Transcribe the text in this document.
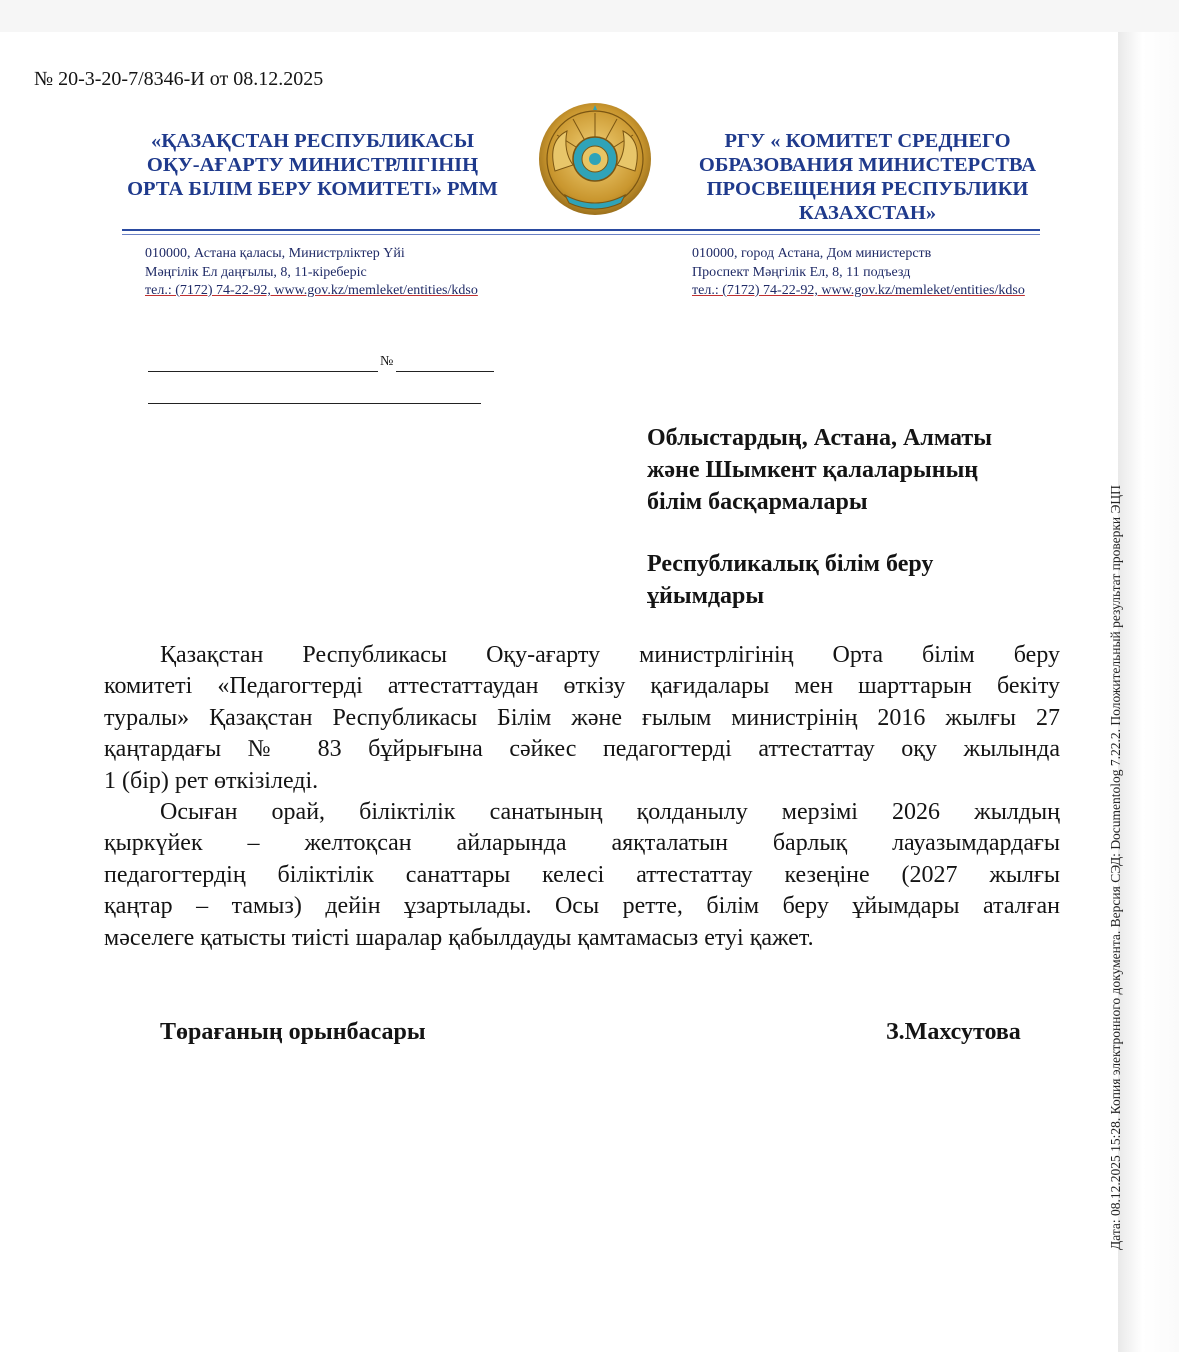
№ 20-3-20-7/8346-И от 08.12.2025
«ҚАЗАҚСТАН РЕСПУБЛИКАСЫ
ОҚУ-АҒАРТУ МИНИСТРЛІГІНІҢ
ОРТА БІЛІМ БЕРУ КОМИТЕТІ» РММ
РГУ « КОМИТЕТ СРЕДНЕГО
ОБРАЗОВАНИЯ МИНИСТЕРСТВА
ПРОСВЕЩЕНИЯ РЕСПУБЛИКИ
КАЗАХСТАН»
010000, Астана қаласы, Министрліктер Үйі
Мәңгілік Ел даңғылы, 8, 11-кіреберіс
тел.: (7172) 74-22-92, www.gov.kz/memleket/entities/kdso
010000, город Астана, Дом министерств
Проспект Мәңгілік Ел, 8, 11 подъезд
тел.: (7172) 74-22-92, www.gov.kz/memleket/entities/kdso
№
Облыстардың, Астана, Алматы
және Шымкент қалаларының
білім басқармалары
Республикалық білім беру
ұйымдары
Қазақстан Республикасы Оқу-ағарту министрлігінің Орта білім беру
комитеті «Педагогтерді аттестаттаудан өткізу қағидалары мен шарттарын бекіту
туралы» Қазақстан Республикасы Білім және ғылым министрінің 2016 жылғы 27
қаңтардағы № 83 бұйрығына сәйкес педагогтерді аттестаттау оқу жылында
1 (бір) рет өткізіледі.
Осыған орай, біліктілік санатының қолданылу мерзімі 2026 жылдың
қыркүйек – желтоқсан айларында аяқталатын барлық лауазымдардағы
педагогтердің біліктілік санаттары келесі аттестаттау кезеңіне (2027 жылғы
қаңтар – тамыз) дейін ұзартылады. Осы ретте, білім беру ұйымдары аталған
мәселеге қатысты тиісті шаралар қабылдауды қамтамасыз етуі қажет.
Төрағаның орынбасары	З.Махсутова	Дата: 08.12.2025 15:28. Копия электронного документа. Версия СЭД: Documentolog 7.22.2. Положительный результат проверки ЭЦП
